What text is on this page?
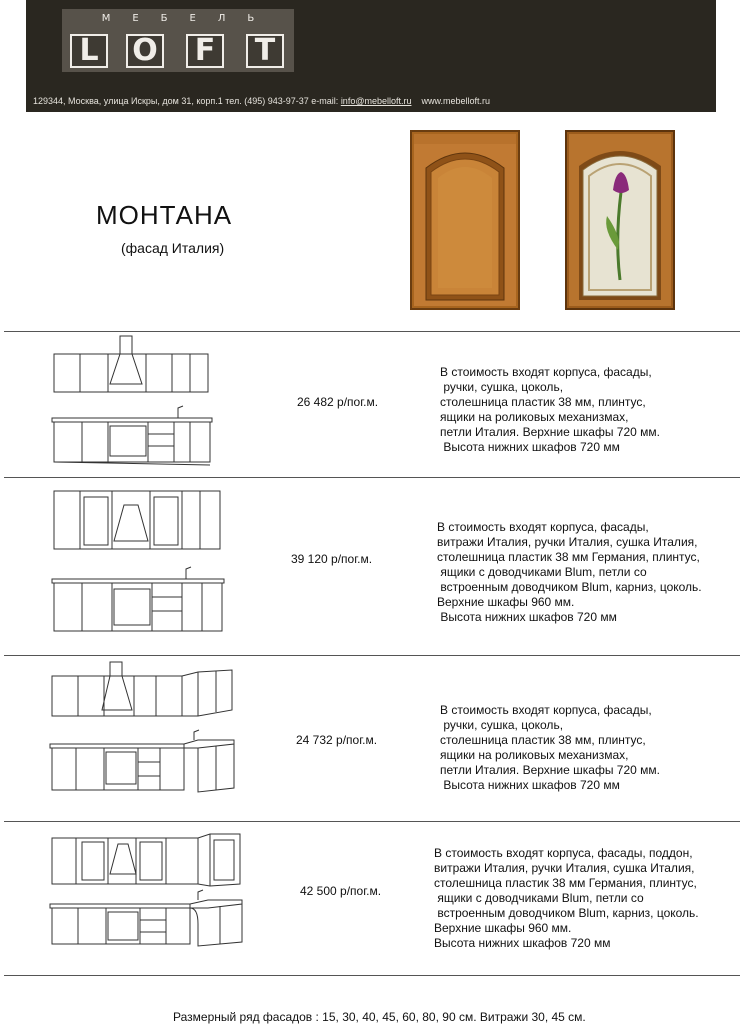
МЕБЕЛЬ
L	O F T
129344, Москва, улица Искры, дом 31, корп.1 тел. (495) 943-97-37 e-mail: info@mebelloft.ru www.mebelloft.ru
МОНТАНА
(фасад Италия)
26 482 р/пог.м.
В стоимость входят корпуса, фасады,
ручки, сушка, цоколь,
столешница пластик 38 мм, плинтус,
ящики на роликовых механизмах,
петли Италия. Верхние шкафы 720 мм.
Высота нижних шкафов 720 мм
39 120 р/пог.м.
В стоимость входят корпуса, фасады,
витражи Италия, ручки Италия, сушка Италия,
столешница пластик 38 мм Германия, плинтус,
ящики с доводчиками Blum, петли со
встроенным доводчиком Blum, карниз, цоколь.
Верхние шкафы 960 мм.
Высота нижних шкафов 720 мм
24 732 р/пог.м.
В стоимость входят корпуса, фасады,
ручки, сушка, цоколь,
столешница пластик 38 мм, плинтус,
ящики на роликовых механизмах,
петли Италия. Верхние шкафы 720 мм.
Высота нижних шкафов 720 мм
42 500 р/пог.м.
В стоимость входят корпуса, фасады, поддон,
витражи Италия, ручки Италия, сушка Италия,
столешница пластик 38 мм Германия, плинтус,
ящики с доводчиками Blum, петли со
встроенным доводчиком Blum, карниз, цоколь.
Верхние шкафы 960 мм.
Высота нижних шкафов 720 мм
Размерный ряд фасадов : 15, 30, 40, 45, 60, 80, 90 см. Витражи 30, 45 см.
